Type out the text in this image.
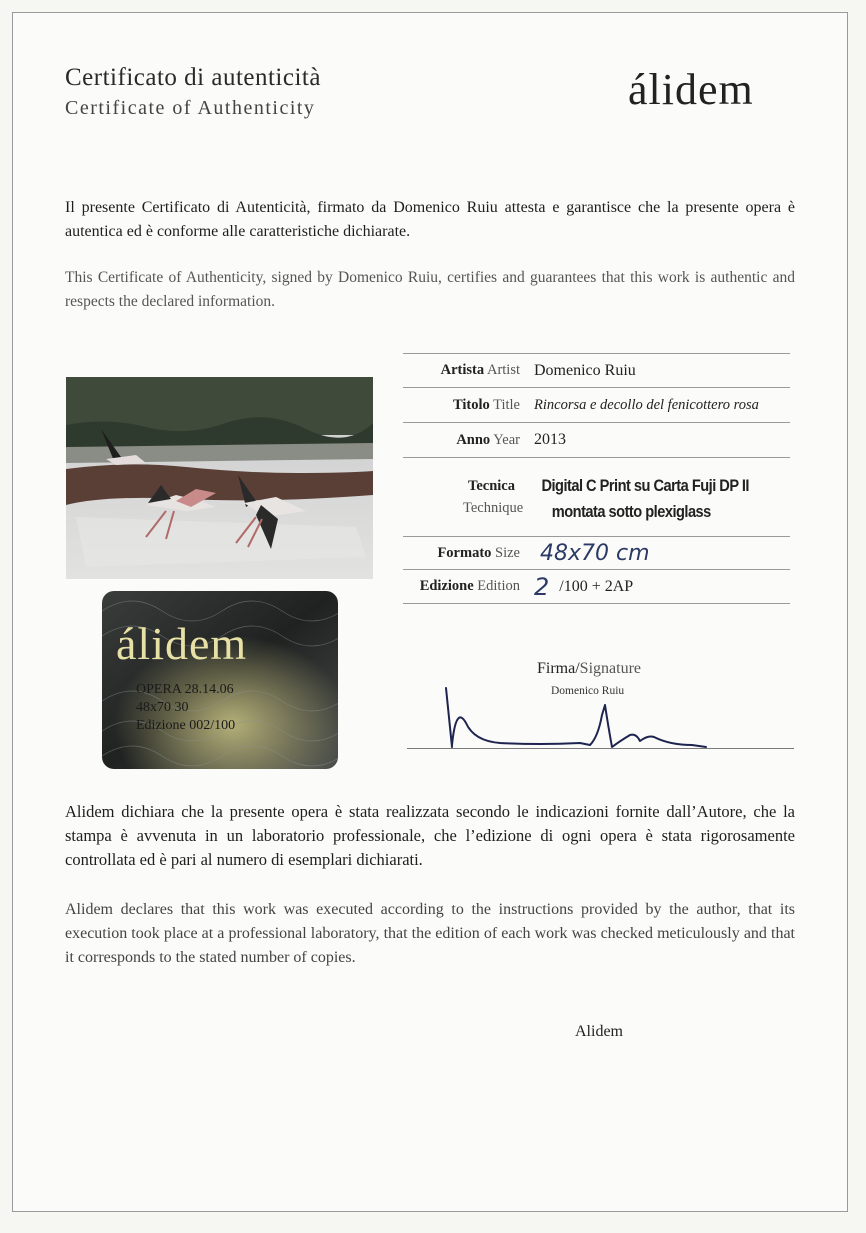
Certificato di autenticità
Certificate of Authenticity	álidem
Il presente Certificato di Autenticità, firmato da Domenico Ruiu attesta e garantisce che la presente opera è autentica ed è conforme alle caratteristiche dichiarate.
This Certificate of Authenticity, signed by Domenico Ruiu, certifies and guarantees that this work is authentic and respects the declared information.
álidem
OPERA 28.14.06
48x70 30
Edizione 002/100
Artista Artist Domenico Ruiu
Titolo Title Rincorsa e decollo del fenicottero rosa
Anno Year 2013
Tecnica
Technique
Digital C Print su Carta Fuji DP II
montata sotto plexiglass
Formato Size 48x70 cm
Edizione Edition 2 /100 + 2AP
Firma/Signature
Domenico Ruiu
Alidem dichiara che la presente opera è stata realizzata secondo le indicazioni fornite dall’Autore, che la stampa è avvenuta in un laboratorio professionale, che l’edizione di ogni opera è stata rigorosamente controllata ed è pari al numero di esemplari dichiarati.
Alidem declares that this work was executed according to the instructions provided by the author, that its execution took place at a professional laboratory, that the edition of each work was checked meticulously and that it corresponds to the stated number of copies.
Alidem
